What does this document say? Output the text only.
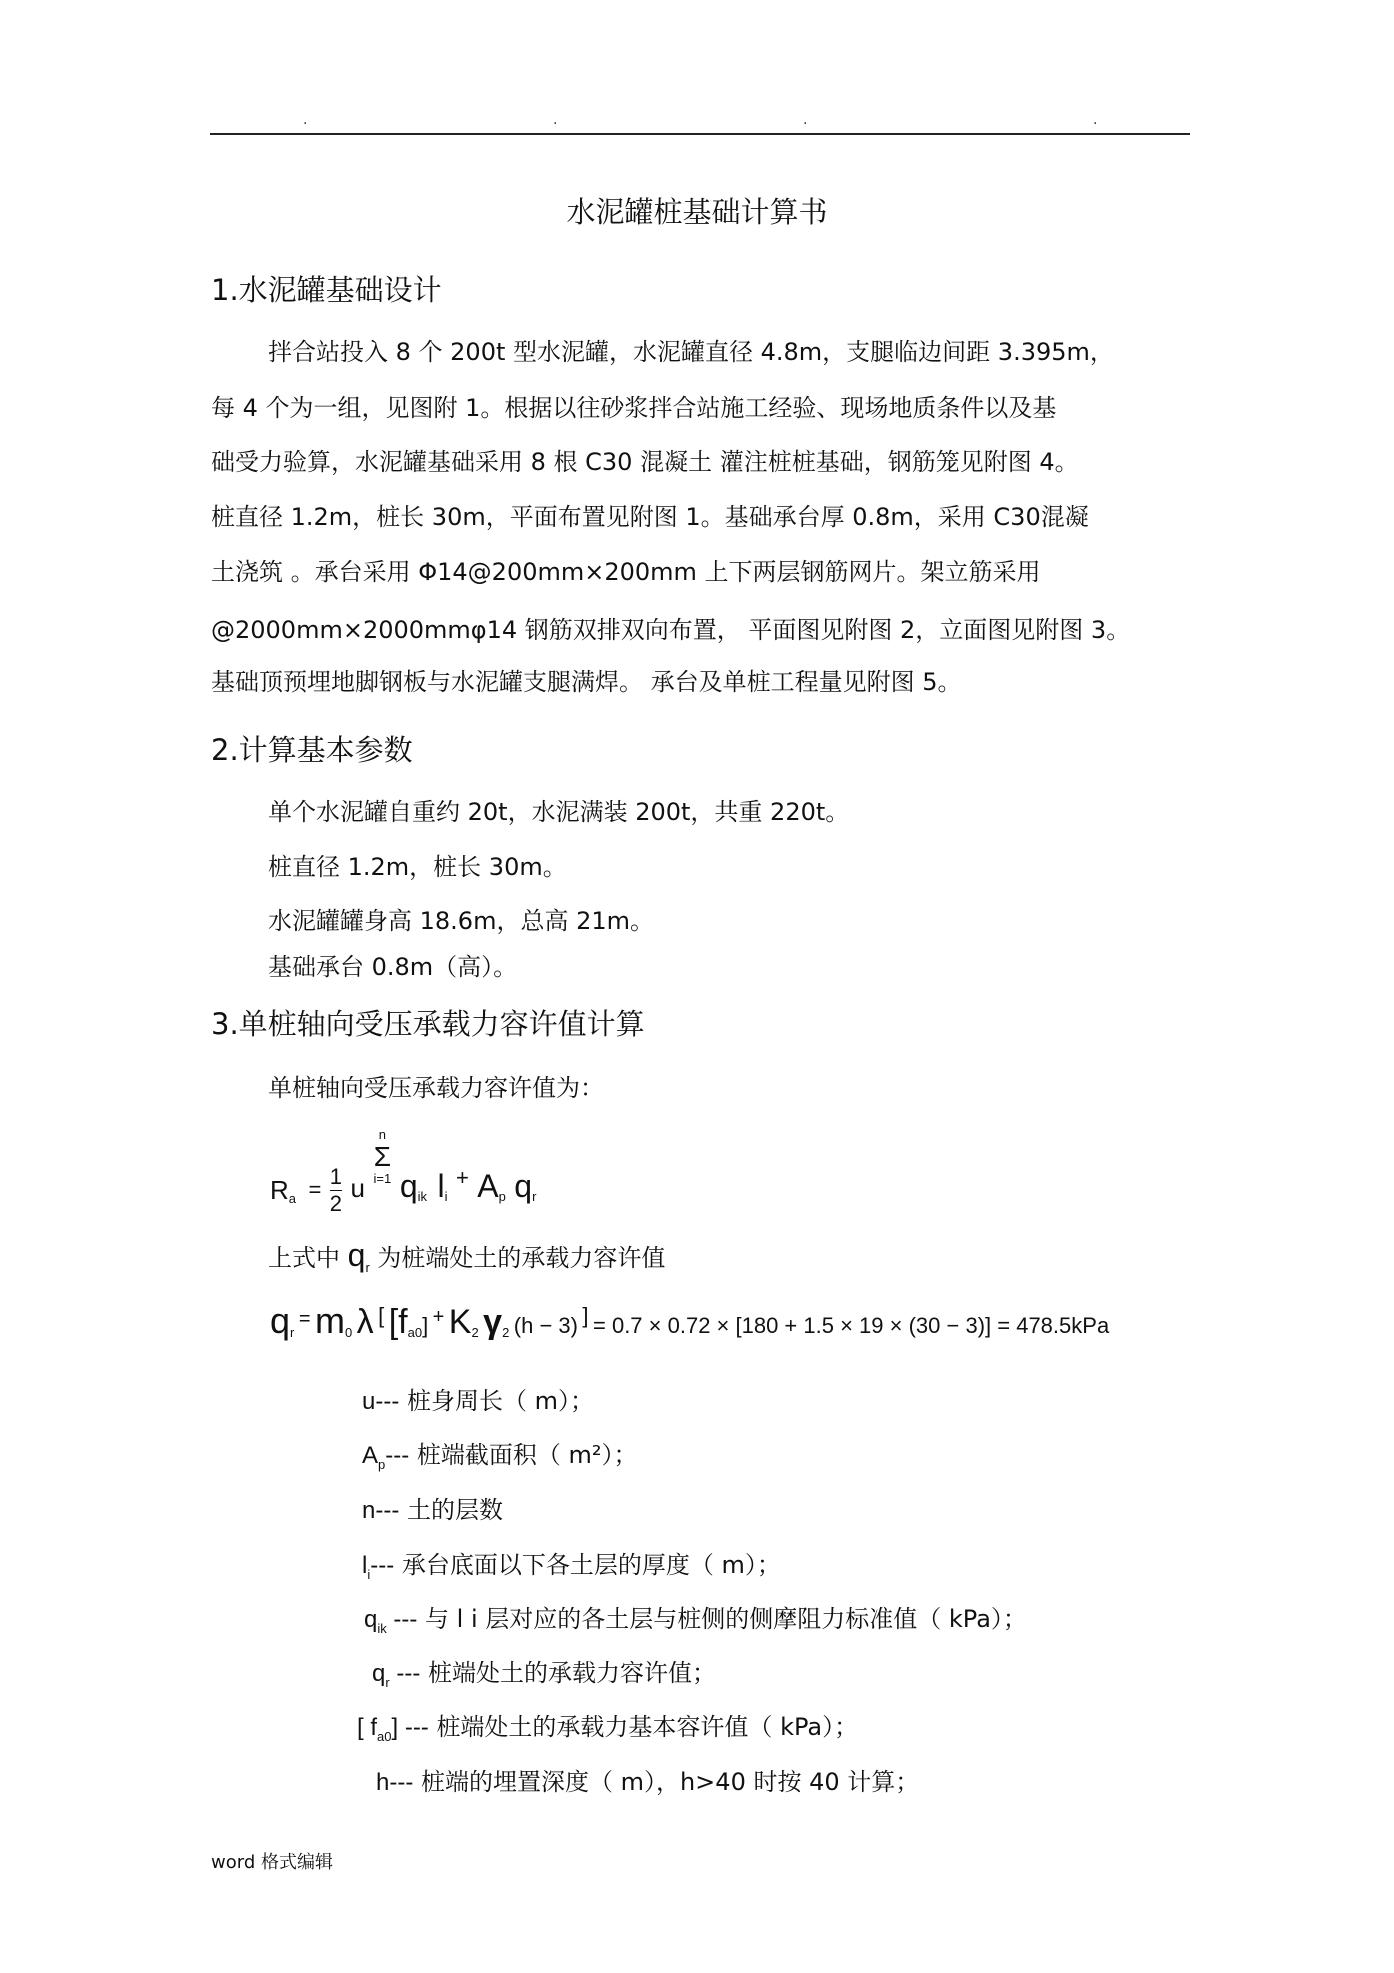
.	.	.	.
水泥罐桩基础计算书
1.水泥罐基础设计
拌合站投入 8 个 200t 型水泥罐，水泥罐直径 4.8m，支腿临边间距 3.395m，
每 4 个为一组，见图附 1。根据以往砂浆拌合站施工经验、现场地质条件以及基
础受力验算，水泥罐基础采用 8 根 C30 混凝土 灌注桩桩基础，钢筋笼见附图 4。
桩直径 1.2m，桩长 30m，平面布置见附图 1。基础承台厚 0.8m，采用 C30混凝
土浇筑 。承台采用 Φ14@200mm×200mm 上下两层钢筋网片。架立筋采用
@2000mm×2000mmφ14 钢筋双排双向布置， 平面图见附图 2，立面图见附图 3。
基础顶预埋地脚钢板与水泥罐支腿满焊。 承台及单桩工程量见附图 5。
2.计算基本参数
单个水泥罐自重约 20t，水泥满装 200t，共重 220t。
桩直径 1.2m，桩长 30m。
水泥罐罐身高 18.6m，总高 21m。
基础承台 0.8m（高）。
3.单桩轴向受压承载力容许值计算
单桩轴向受压承载力容许值为：
$R_a = \frac{1}{2}$ u
n
Σ
i=1 $q_{ik}$ $l_i + A_p$ $q_r$
上式中 $q_r$ 为桩端处土的承载力容许值
$q_r = m_0$ λ [ $[f_{a0}] + K_2$ $\gamma_2$ (h − 3) ] = 0.7 × 0.72 × [180 + 1.5 × 19 × (30 − 3)] = 478.5kPa
u--- 桩身周长（ m）；
$A_p---$ 桩端截面积（ m²）；
n--- 土的层数
$l_i---$ 承台底面以下各土层的厚度（ m）；
$q_{ik}$ --- 与 l i 层对应的各土层与桩侧的侧摩阻力标准值（ kPa）；
$q_r$ --- 桩端处土的承载力容许值；
[ $f_{a0}$] --- 桩端处土的承载力基本容许值（ kPa）；
h--- 桩端的埋置深度（ m），h>40 时按 40 计算；
word 格式编辑
